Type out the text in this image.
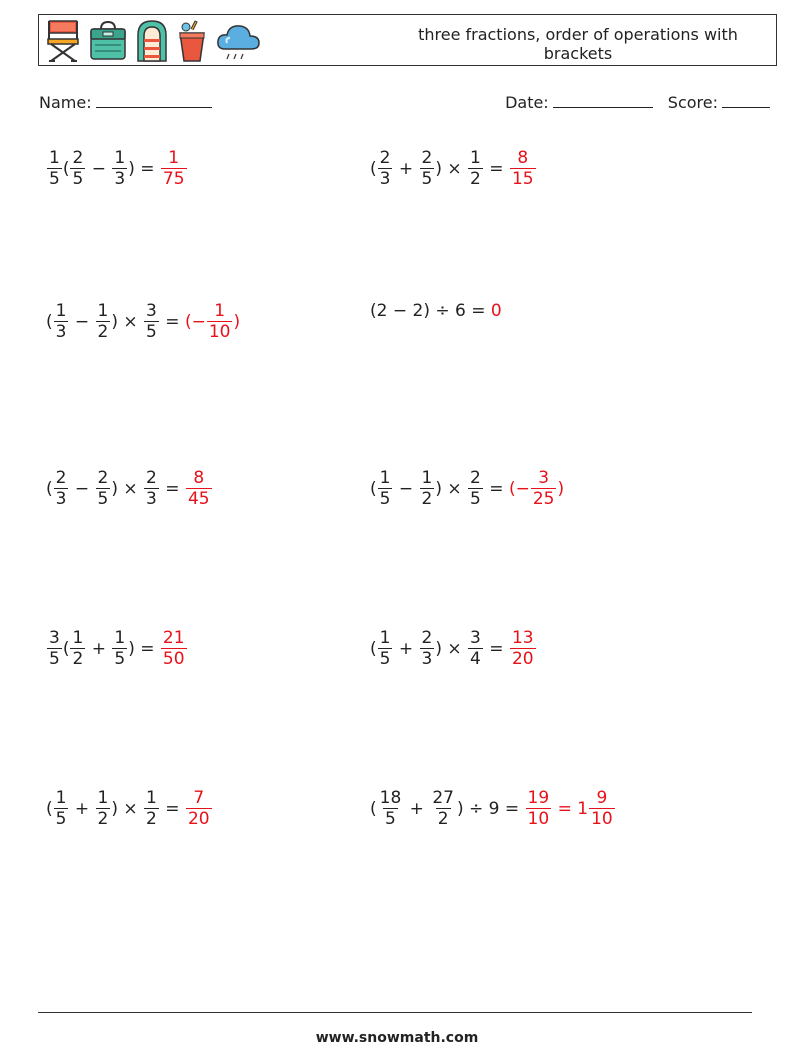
three fractions, order of operations with brackets
Name:	Date:	Score:
$\frac{1}{5}$ ( $\frac{2}{5} - \frac{1}{3}$ ) = $\frac{1}{75}$	( $\frac{2}{3} + \frac{2}{5}$ ) × $\frac{1}{2} = \frac{8}{15}$
( $\frac{1}{3} - \frac{1}{2}$ ) × $\frac{3}{5}$ = (− $\frac{1}{10}$ )
(2 − 2) ÷ 6 = 0
( $\frac{2}{3} - \frac{2}{5}$ ) × $\frac{2}{3} = \frac{8}{45}$	( $\frac{1}{5} - \frac{1}{2}$ ) × $\frac{2}{5}$ = (− $\frac{3}{25}$ )
$\frac{3}{5}$ ( $\frac{1}{2} + \frac{1}{5}$ ) = $\frac{21}{50}$	( $\frac{1}{5} + \frac{2}{3}$ ) × $\frac{3}{4} = \frac{13}{20}$
( $\frac{1}{5} + \frac{1}{2}$ ) × $\frac{1}{2} = \frac{7}{20}$	( $\frac{18}{5} + \frac{27}{2}$ ) ÷ $9 = \frac{19}{10} = 1 \frac{9}{10}$
www.snowmath.com
